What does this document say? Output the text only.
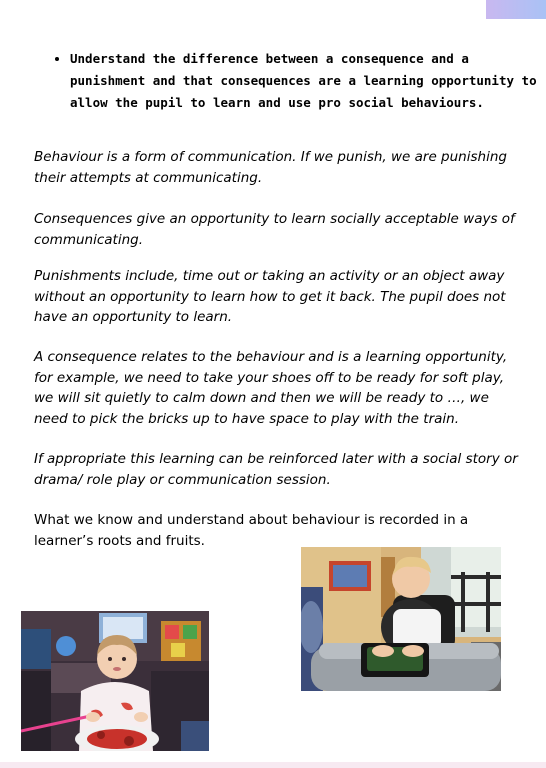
• Understand the difference between a consequence and a punishment and that consequences are a learning opportunity to allow the pupil to learn and use pro social behaviours.

Behaviour is a form of communication. If we punish, we are punishing their attempts at communicating.

Consequences give an opportunity to learn socially acceptable ways of communicating.

Punishments include, time out or taking an activity or an object away without an opportunity to learn how to get it back. The pupil does not have an opportunity to learn.

A consequence relates to the behaviour and is a learning opportunity, for example, we need to take your shoes off to be ready for soft play, we will sit quietly to calm down and then we will be ready to …, we need to pick the bricks up to have space to play with the train.

If appropriate this learning can be reinforced later with a social story or drama/ role play or communication session.

What we know and understand about behaviour is recorded in a learner’s roots and fruits.
